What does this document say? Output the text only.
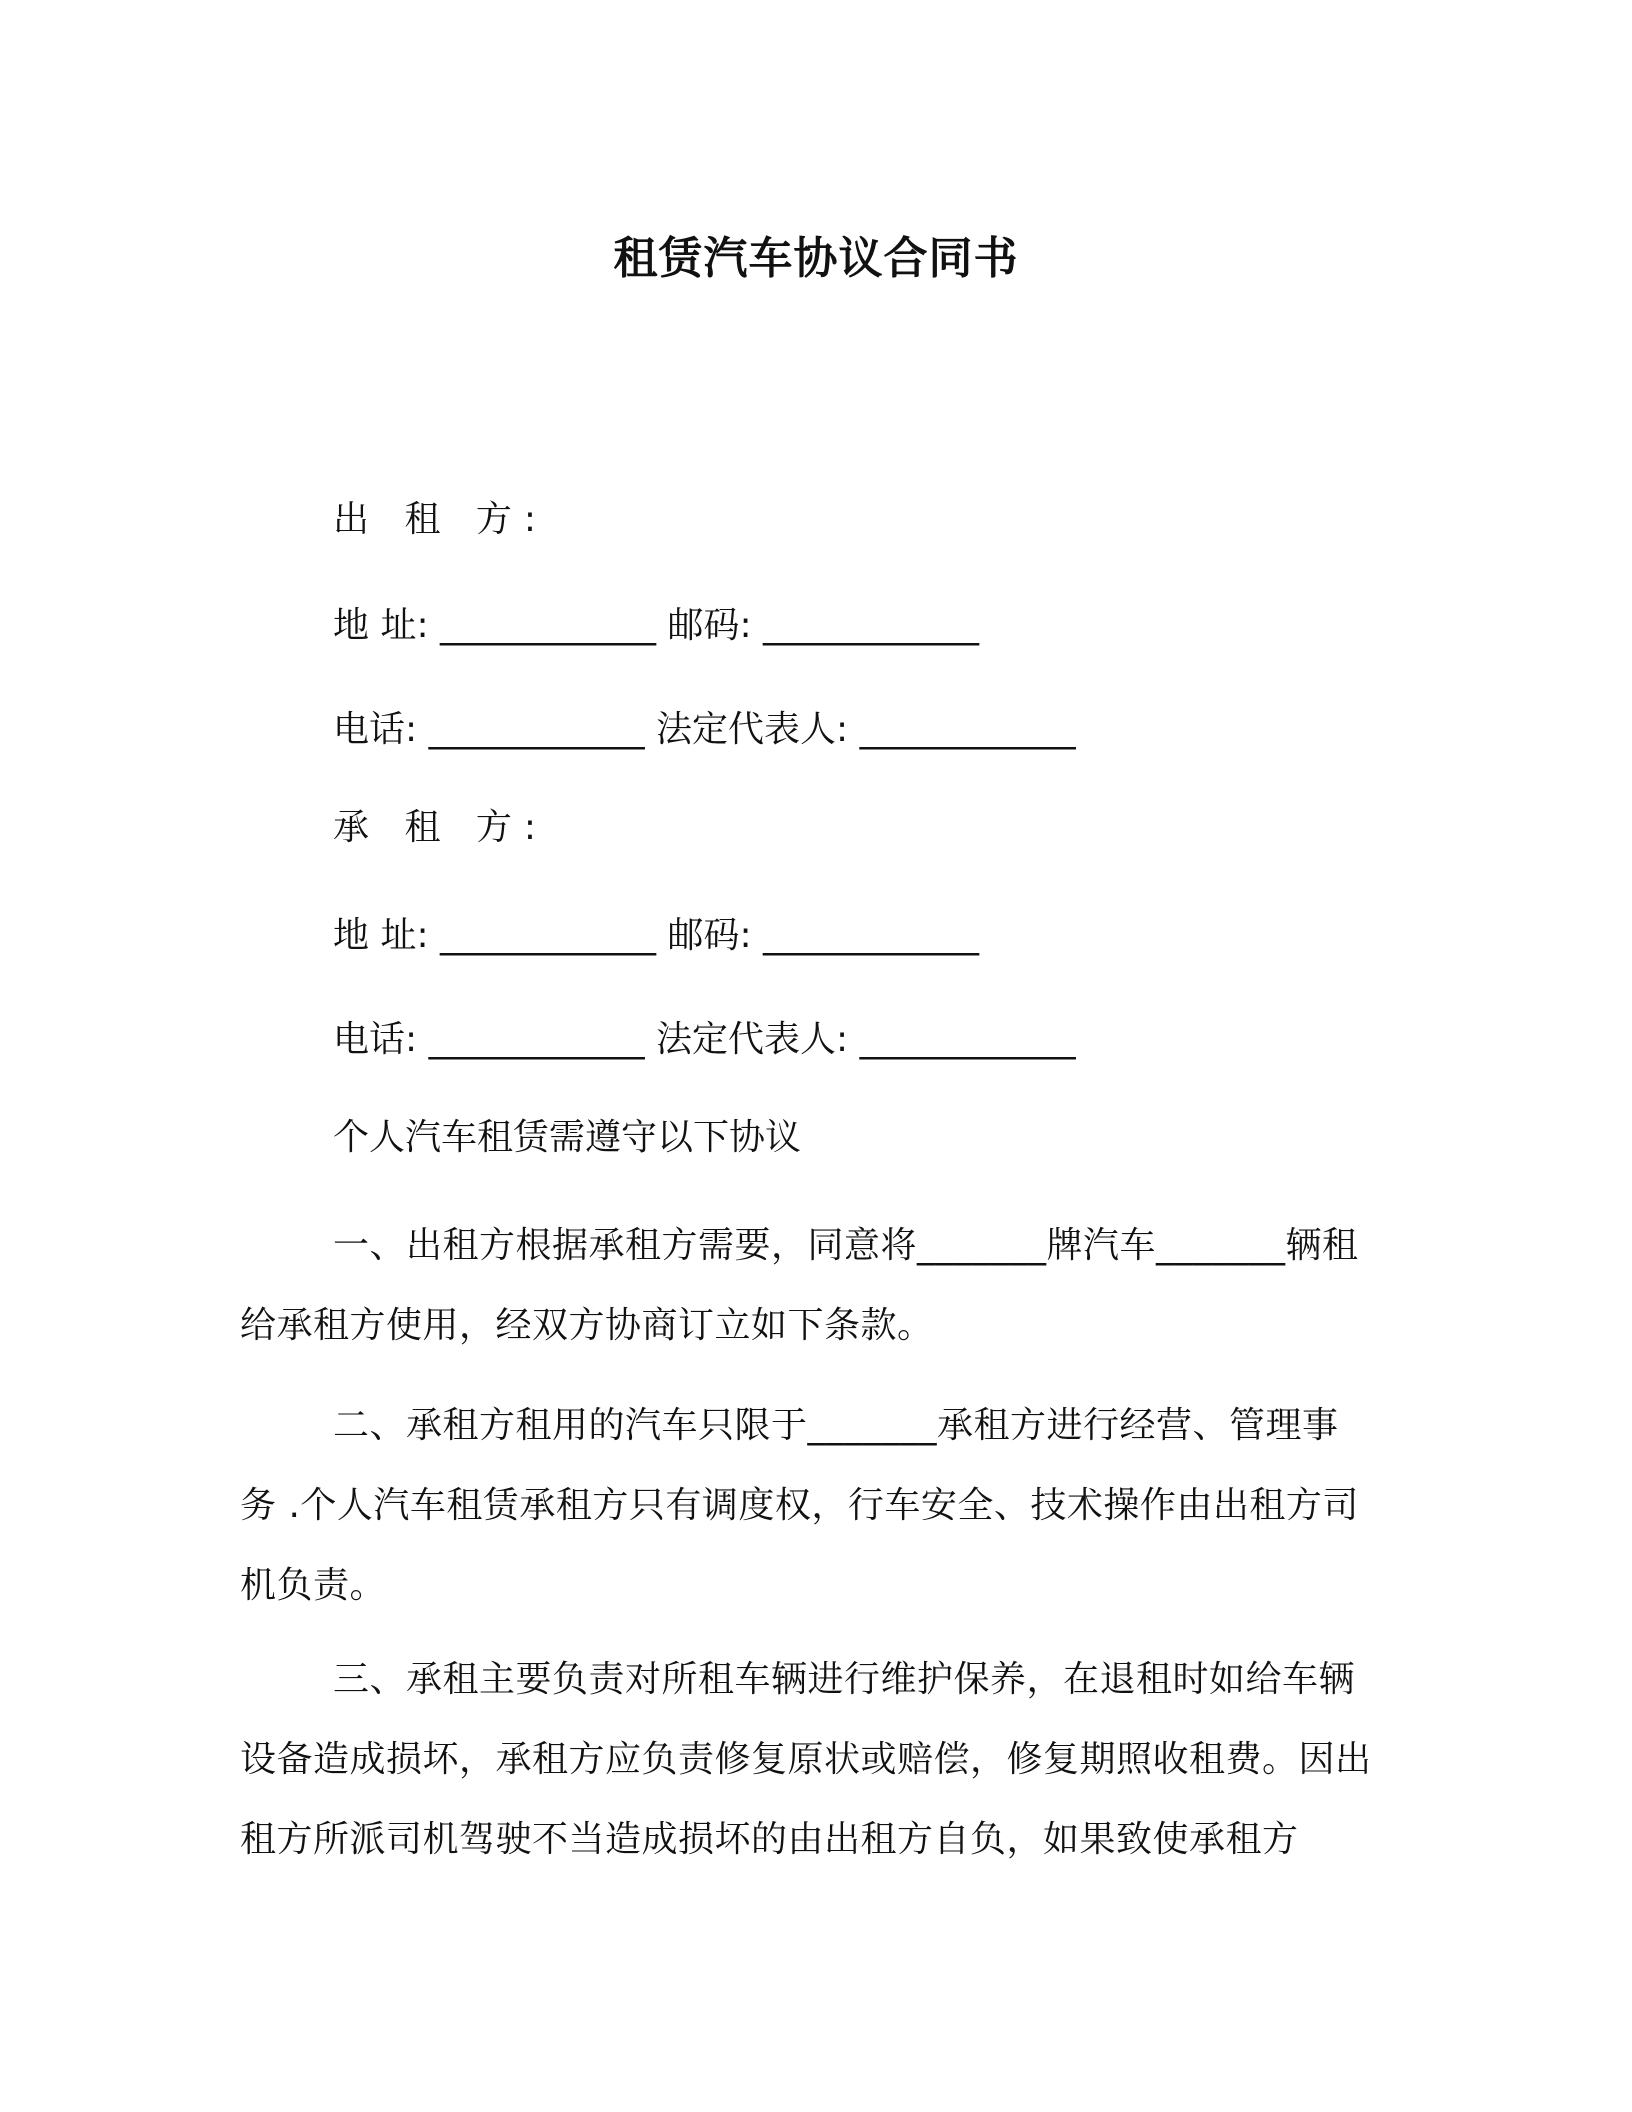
租赁汽车协议合同书
出 租 方:
地 址: ____________ 邮码: ____________
电话: ____________ 法定代表人: ____________
承 租 方:
地 址: ____________ 邮码: ____________
电话: ____________ 法定代表人: ____________
个人汽车租赁需遵守以下协议
一、出租方根据承租方需要，同意将_______牌汽车_______辆租给承租方使用，经双方协商订立如下条款。
二、承租方租用的汽车只限于_______承租方进行经营、管理事务 .个人汽车租赁承租方只有调度权，行车安全、技术操作由出租方司机负责。
三、承租主要负责对所租车辆进行维护保养，在退租时如给车辆设备造成损坏，承租方应负责修复原状或赔偿，修复期照收租费。因出租方所派司机驾驶不当造成损坏的由出租方自负，如果致使承租方
